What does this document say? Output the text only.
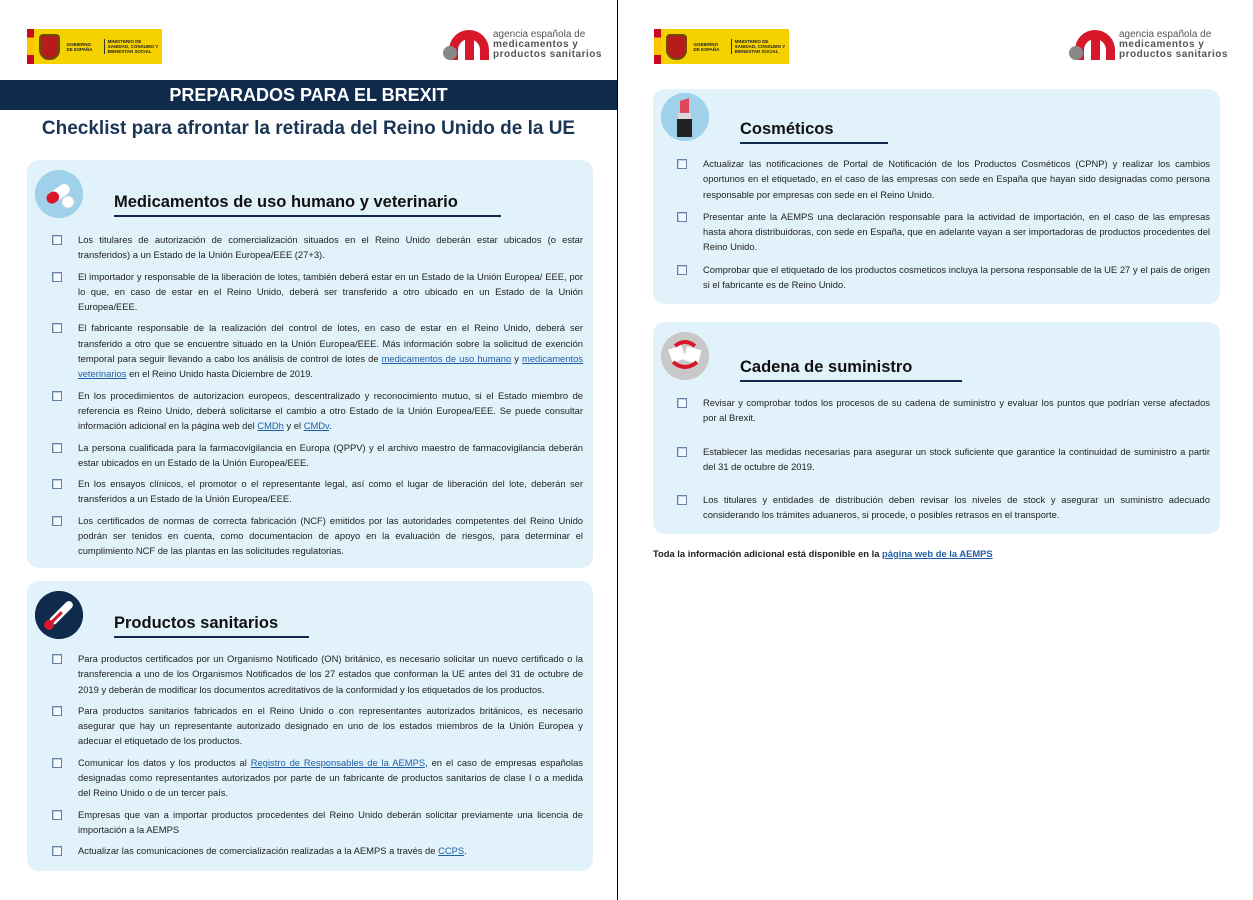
GOBIERNO DE ESPAÑA
MINISTERIO DE SANIDAD, CONSUMO Y BIENESTAR SOCIAL
agencia española de
medicamentos y
productos sanitarios
PREPARADOS PARA EL BREXIT
Checklist para afrontar la retirada del Reino Unido de la UE
Medicamentos de uso humano y veterinario
Los titulares de autorización de comercialización situados en el Reino Unido deberán estar ubicados (o estar transferidos) a un Estado de la Unión Europea/EEE (27+3).
El importador y responsable de la liberación de lotes, también deberá estar en un Estado de la Unión Europea/ EEE, por lo que, en caso de estar en el Reino Unido, deberá ser transferido a otro ubicado en un Estado de la Unión Europea/EEE.
El fabricante responsable de la realización del control de lotes, en caso de estar en el Reino Unido, deberá ser transferido a otro que se encuentre situado en la Unión Europea/EEE. Más información sobre la solicitud de exención temporal para seguir llevando a cabo los análisis de control de lotes de medicamentos de uso humano y medicamentos veterinarios en el Reino Unido hasta Diciembre de 2019.
En los procedimientos de autorizacion europeos, descentralizado y reconocimiento mutuo, si el Estado miembro de referencia es Reino Unido, deberá solicitarse el cambio a otro Estado de la Unión Europea/EEE. Se puede consultar información adicional en la página web del CMDh y el CMDv.
La persona cualificada para la farmacovigilancia en Europa (QPPV) y el archivo maestro de farmacovigilancia deberán estar ubicados en un Estado de la Unión Europea/EEE.
En los ensayos clínicos, el promotor o el representante legal, así como el lugar de liberación del lote, deberán ser transferidos a un Estado de la Unión Europea/EEE.
Los certificados de normas de correcta fabricación (NCF) emitidos por las autoridades competentes del Reino Unido podrán ser tenidos en cuenta, como documentacion de apoyo en la evaluación de riesgos, para determinar el cumplimiento NCF de las plantas en las solicitudes regulatorias.
Productos sanitarios
Para productos certificados por un Organismo Notificado (ON) británico, es necesario solicitar un nuevo certificado o la transferencia a uno de los Organismos Notificados de los 27 estados que conforman la UE antes del 31 de octubre de 2019 y deberán de modificar los documentos acreditativos de la conformidad y los etiquetados de los productos.
Para productos sanitarios fabricados en el Reino Unido o con representantes autorizados británicos, es necesario asegurar que hay un representante autorizado designado en uno de los estados miembros de la Unión Europea y adecuar el etiquetado de los productos.
Comunicar los datos y los productos al Registro de Responsables de la AEMPS, en el caso de empresas españolas designadas como representantes autorizados por parte de un fabricante de productos sanitarios de clase I o a medida del Reino Unido o de un tercer país.
Empresas que van a importar productos procedentes del Reino Unido deberán solicitar previamente una licencia de importación a la AEMPS
Actualizar las comunicaciones de comercialización realizadas a la AEMPS a través de CCPS.
GOBIERNO DE ESPAÑA
MINISTERIO DE SANIDAD, CONSUMO Y BIENESTAR SOCIAL
agencia española de
medicamentos y
productos sanitarios
Cosméticos
Actualizar las notificaciones de Portal de Notificación de los Productos Cosméticos (CPNP) y realizar los cambios oportunos en el etiquetado, en el caso de las empresas con sede en España que hayan sido designadas como persona responsable por empresas con sede en el Reino Unido.
Presentar ante la AEMPS una declaración responsable para la actividad de importación, en el caso de las empresas hasta ahora distribuidoras, con sede en España, que en adelante vayan a ser importadoras de productos procedentes del Reino Unido.
Comprobar que el etiquetado de los productos cosmeticos incluya la persona responsable de la UE 27 y el país de origen si el fabricante es de Reino Unido.
Cadena de suministro
Revisar y comprobar todos los procesos de su cadena de suministro y evaluar los puntos que podrían verse afectados por al Brexit.
Establecer las medidas necesarias para asegurar un stock suficiente que garantice la continuidad de suministro a partir del 31 de octubre de 2019.
Los titulares y entidades de distribución deben revisar los niveles de stock y asegurar un suministro adecuado considerando los trámites aduaneros, si procede, o posibles retrasos en el transporte.
Toda la información adicional está disponible en la página web de la AEMPS
